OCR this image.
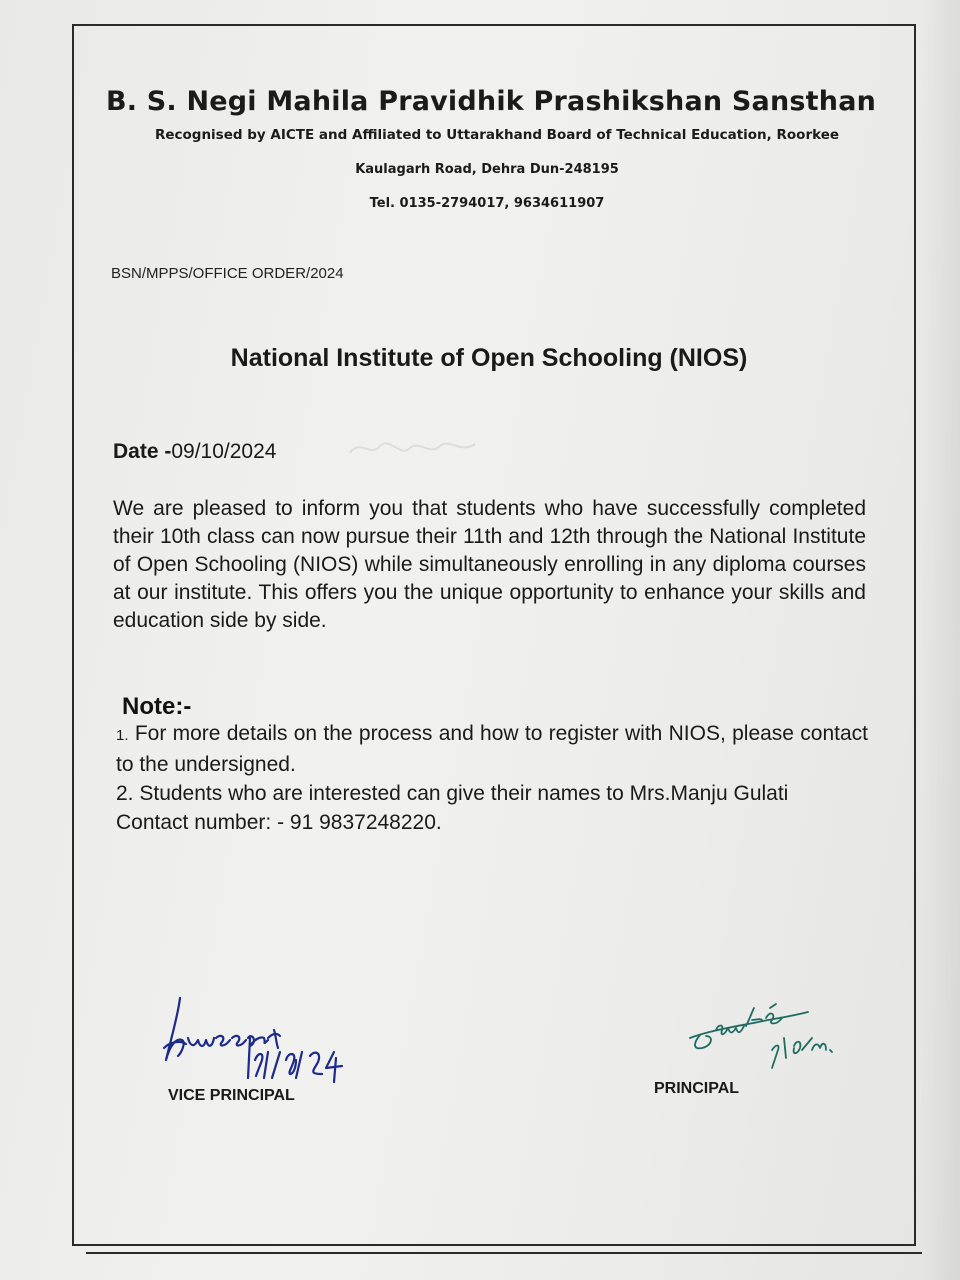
B. S. Negi Mahila Pravidhik Prashikshan Sansthan
Recognised by AICTE and Affiliated to Uttarakhand Board of Technical Education, Roorkee
Kaulagarh Road, Dehra Dun-248195
Tel. 0135-2794017, 9634611907
BSN/MPPS/OFFICE ORDER/2024
National Institute of Open Schooling (NIOS)
Date -09/10/2024
We are pleased to inform you that students who have successfully completed their 10th class can now pursue their 11th and 12th through the National Institute of Open Schooling (NIOS) while simultaneously enrolling in any diploma courses at our institute. This offers you the unique opportunity to enhance your skills and education side by side.
Note:-
1. For more details on the process and how to register with NIOS, please contact to the undersigned.
2. Students who are interested can give their names to Mrs.Manju Gulati
Contact number: - 91 9837248220.
VICE PRINCIPAL	PRINCIPAL
